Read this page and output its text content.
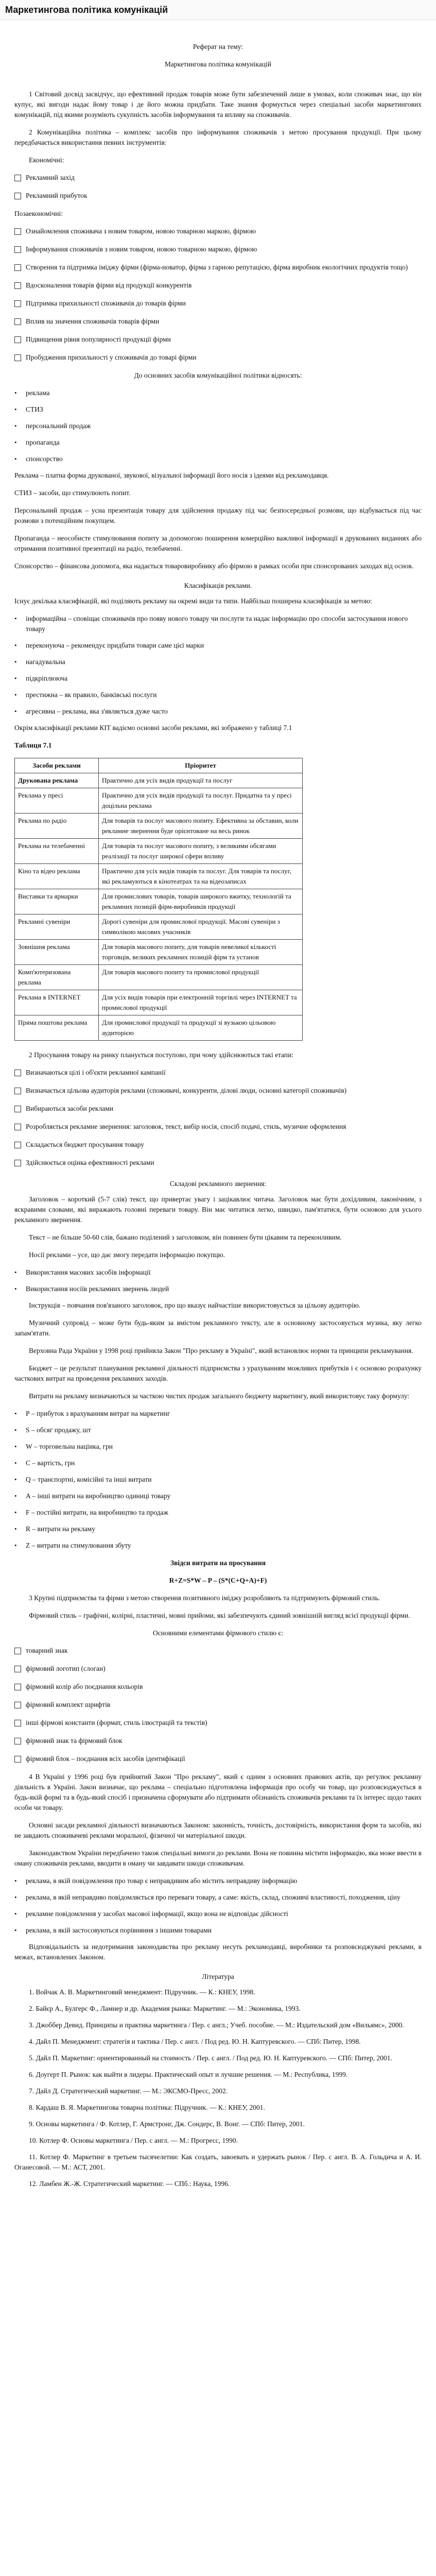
Маркетингова політика комунікацій

Реферат на тему:

Маркетингова політика комунікацій

1 Світовий досвід засвідчує, що ефективний продаж товарів може бути забезпечений лише в умовах, коли споживач знає, що він купує, які вигоди надає йому товар і де його можна придбати. Таке знання формується через спеціальні засоби маркетингових комунікацій, під якими розуміють сукупність засобів інформування та впливу на споживачів.

2 Комунікаційна політика – комплекс засобів про інформування споживачів з метою просування продукції. При цьому передбачається використання певних інструментів:

Економічні:

Рекламний захід
Рекламний прибуток

Позаекономічні:

Ознайомлення споживача з новим товаром, новою товарною маркою, фірмою
Інформування споживачів з новим товаром, новою товарною маркою, фірмою
Створення та підтримка іміджу фірми (фірма-новатор, фірма з гарною репутацією, фірма виробник екологічних продуктів тощо)
Вдосконалення товарів фірми від продукції конкурентів
Підтримка прихильності споживачів до товарів фірми
Вплив на значення споживачів товарів фірми
Підвищення рівня популярності продукції фірми
Пробудження прихильності у споживачів до товарі фірми

До основних засобів комунікаційної політики відносять:

•	реклама
•	СТИЗ
•	персональний продаж
•	пропаганда
•	спонсорство

Реклама – платна форма друкованої, звукової, візуальної інформації його носія з ідеями від рекламодавця.

СТИЗ – засоби, що стимулюють попит.

Персональний продаж – усна презентація товару для здійснення продажу під час безпосередньої розмови, що відбувається під час розмови з потенційним покупцем.

Пропаганда – неособисте стимулювання попиту за допомогою поширення комерційно важливої інформації в друкованих виданнях або отримання позитивної презентації на радіо, телебаченні.

Спонсорство – фінансова допомога, яка надається товаровиробнику або фірмою в рамках особи при спонсорованих заходах від основ.

Класифікація реклами.

Існує декілька класифікацій, які поділяють рекламу на окремі види та типи. Найбільш поширена класифікація за метою:

•	інформаційна – сповіщає споживачів про появу нового товару чи послуги та надає інформацію про способи застосування нового товару
•	переконуюча – рекомендує придбати товари саме цієї марки
•	нагадувальна
•	підкріплююча
•	престижна – як правило, банківські послуги
•	агресивна – реклама, яка з'являється дуже часто

Окрім класифікації реклами КІТ вадіємо основні засоби реклами, які зображено у таблиці 7.1

Таблиця 7.1

Засоби реклами	Пріоритет
Друкована реклама	Практично для усіх видів продукції та послуг
Реклама у пресі	Практично для усіх видів продукції та послуг. Придатна та у пресі доцільна реклама
Реклама по радіо	Для товарів та послуг масового попиту. Ефективна за обставин, коли рекламне звернення буде орієнтоване на весь ринок
Реклама на телебаченні	Для товарів та послуг масового попиту, з великими обсягами реалізації та послуг широкої сфери впливу
Кіно та відео реклама	Практично для усіх видів товарів та послуг. Для товарів та послуг, які рекламуються в кінотеатрах та на відеозаписах
Виставки та ярмарки	Для промислових товарів, товарів широкого вжитку, технологій та рекламних позицій фірм-виробників продукції
Рекламні сувеніри	Дорогі сувеніри для промислової продукції. Масові сувеніри з символікою масових учасників
Зовнішня реклама	Для товарів масового попиту, для товарів невеликої кількості торговців, великих рекламних позицій фірм та установ
Комп'ютеризована реклама	Для товарів масового попиту та промислової продукції
Реклама в INTERNET	Для усіх видів товарів при електронній торгівлі через INTERNET та промислової продукції
Пряма поштова реклама	Для промислової продукції та продукції зі вузькою цільовою аудиторією

2 Просування товару на ринку планується поступово, при чому здійснюються такі етапи:

Визначаються цілі і об'єкти рекламної кампанії
Визначається цільова аудиторія реклами (споживачі, конкуренти, ділові люди, основні категорії споживачів)
Вибираються засоби реклами
Розробляється рекламне звернення: заголовок, текст, вибір носія, спосіб подачі, стиль, музичне оформлення
Складається бюджет просування товару
Здійснюється оцінка ефективності реклами

Складові рекламного звернення:

Заголовок – короткий (5-7 слів) текст, що привертає увагу і зацікавлює читача. Заголовок має бути дохідливим, лаконічним, з яскравими словами, які виражають головні переваги товару. Він має читатися легко, швидко, пам'ятатися, бути основою для усього рекламного звернення.

Текст – не більше 50-60 слів, бажано поділений з заголовком, він повинен бути цікавим та переконливим.

Носії реклами – усе, що дає змогу передати інформацію покупцю.

•	Використання масових засобів інформації
•	Використання носіїв рекламних звернень людей

Інструкція – повчання пов'язаного заголовок, про що вказує найчастіше використовується за цільову аудиторію.

Музичний супровід – може бути будь-яким за вмістом рекламного тексту, але в основному застосовується музика, яку легко запам'ятати.

Верховна Рада України у 1998 році прийняла Закон "Про рекламу в Україні", який встановлює норми та принципи рекламування.

Бюджет – це результат планування рекламної діяльності підприємства з урахуванням можливих прибутків і є основою розрахунку часткових витрат на проведення рекламних заходів.

Витрати на рекламу визначаються за часткою чистих продаж загального бюджету маркетингу, який використовує таку формулу:

•	Р – прибуток з врахуванням витрат на маркетинг
•	S – обсяг продажу, шт
•	W – торговельна націнка, грн
•	C – вартість, грн
•	Q – транспортні, комісійні та інші витрати
•	A – інші витрати на виробництво одиниці товару
•	F – постійні витрати, на виробництво та продаж
•	R – витрати на рекламу
•	Z – витрати на стимулювання збуту

Звідси витрати на просування

R+Z=S*W – P – (S*(C+Q+A)+F)

3 Крупні підприємства та фірми з метою створення позитивного іміджу розробляють та підтримують фірмовий стиль.

Фірмовий стиль – графічні, колірні, пластичні, мовні прийоми, які забезпечують єдиний зовнішній вигляд всієї продукції фірми.

Основними елементами фірмового стилю є:

товарний знак
фірмовий логотип (слоган)
фірмовий колір або поєднання кольорів
фірмовий комплект шрифтів
інші фірмові константи (формат, стиль ілюстрацій та текстів)
фірмовий знак та фірмовий блок
фірмовий блок – поєднання всіх засобів ідентифікації

4 В Україні у 1996 році був прийнятий Закон "Про рекламу", який є одним з основних правових актів, що регулює рекламну діяльність в Україні. Закон визначає, що реклама – спеціально підготовлена інформація про особу чи товар, що розповсюджується в будь-якій формі та в будь-який спосіб і призначена сформувати або підтримати обізнаність споживачів реклами та їх інтерес щодо таких особи чи товару.

Основні засади рекламної діяльності визначаються Законом: законність, точність, достовірність, використання форм та засобів, які не завдають споживачеві реклами моральної, фізичної чи матеріальної шкоди.

Законодавством України передбачено також спеціальні вимоги до реклами. Вона не повинна містити інформацію, яка може ввести в оману споживачів реклами, вводити в оману чи завдавати шкоди споживачам.

•	реклама, в якій повідомлення про товар є неправдивим або містить неправдиву інформацію
•	реклама, в якій неправдиво повідомляється про переваги товару, а саме: якість, склад, споживчі властивості, походження, ціну
•	рекламне повідомлення у засобах масової інформації, якщо вона не відповідає дійсності
•	реклама, в якій застосовуються порівняння з іншими товарами

Відповідальність за недотримання законодавства про рекламу несуть рекламодавці, виробники та розповсюджувачі реклами, в межах, встановлених Законом.

Література

1. Войчак А. В. Маркетинговий менеджмент: Підручник. — К.: КНЕУ, 1998.

2. Байєр А., Булгерс Ф., Ламнер и др. Академия рынка: Маркетинг. — М.: Экономика, 1993.

3. Джоббер Девид. Принципы и практика маркетинга / Пер. с англ.; Учеб. пособие. — М.: Издательский дом «Вильямс», 2000.

4. Дайл П. Менеджмент: стратегія и тактика / Пер. с англ. / Под ред. Ю. Н. Каптуревского. — СПб: Питер, 1998.

5. Дайл П. Маркетинг: ориентированный на стоимость / Пер. с англ. / Под ред. Ю. Н. Каптуревского. — СПб: Питер, 2001.

6. Доугерт П. Рынок: как выйти в лидеры. Практический опыт и лучшие решения. — М.: Республика, 1999.

7. Дайл Д. Стратегический маркетинг. — М.: ЭКСМО-Пресс, 2002.

8. Кардаш В. Я. Маркетингова товарна політика: Підручник. — К.: КНЕУ, 2001.

9. Основы маркетинга / Ф. Котлер, Г. Армстронг, Дж. Сондерс, В. Вонг. — СПб: Питер, 2001.

10. Котлер Ф. Основы маркетинга / Пер. с англ. — М.: Прогресс, 1990.

11. Котлер Ф. Маркетинг в третьем тысячелетии: Как создать, завоевать и удержать рынок / Пер. с англ. В. А. Гольдича и А. И. Оганесовой. — М.: АСТ, 2001.

12. Ламбен Ж.-Ж. Стратегический маркетинг. — СПб.: Наука, 1996.
